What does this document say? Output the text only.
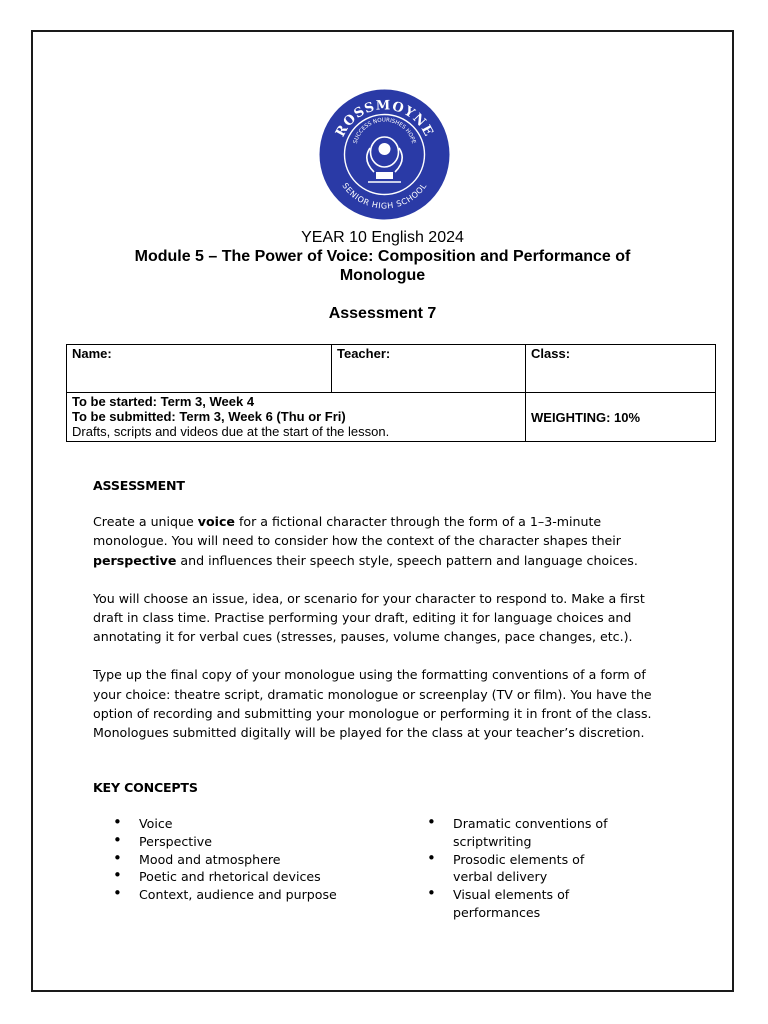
ROSSMOYNE
SUCCESS NOURISHES HOPE
SENIOR HIGH SCHOOL
YEAR 10 English 2024
Module 5 – The Power of Voice: Composition and Performance of Monologue
Assessment 7
Name:	Teacher:	Class:

To be started: Term 3, Week 4
To be submitted: Term 3, Week 6 (Thu or Fri)
Drafts, scripts and videos due at the start of the lesson.		WEIGHTING: 10%

ASSESSMENT

Create a unique voice for a fictional character through the form of a 1–3-minute monologue. You will need to consider how the context of the character shapes their perspective and influences their speech style, speech pattern and language choices.

You will choose an issue, idea, or scenario for your character to respond to. Make a first draft in class time. Practise performing your draft, editing it for language choices and annotating it for verbal cues (stresses, pauses, volume changes, pace changes, etc.).

Type up the final copy of your monologue using the formatting conventions of a form of your choice: theatre script, dramatic monologue or screenplay (TV or film). You have the option of recording and submitting your monologue or performing it in front of the class. Monologues submitted digitally will be played for the class at your teacher’s discretion.

KEY CONCEPTS

• Voice
• Perspective
• Mood and atmosphere
• Poetic and rhetorical devices
• Context, audience and purpose
• Dramatic conventions of scriptwriting
• Prosodic elements of verbal delivery
• Visual elements of performances
